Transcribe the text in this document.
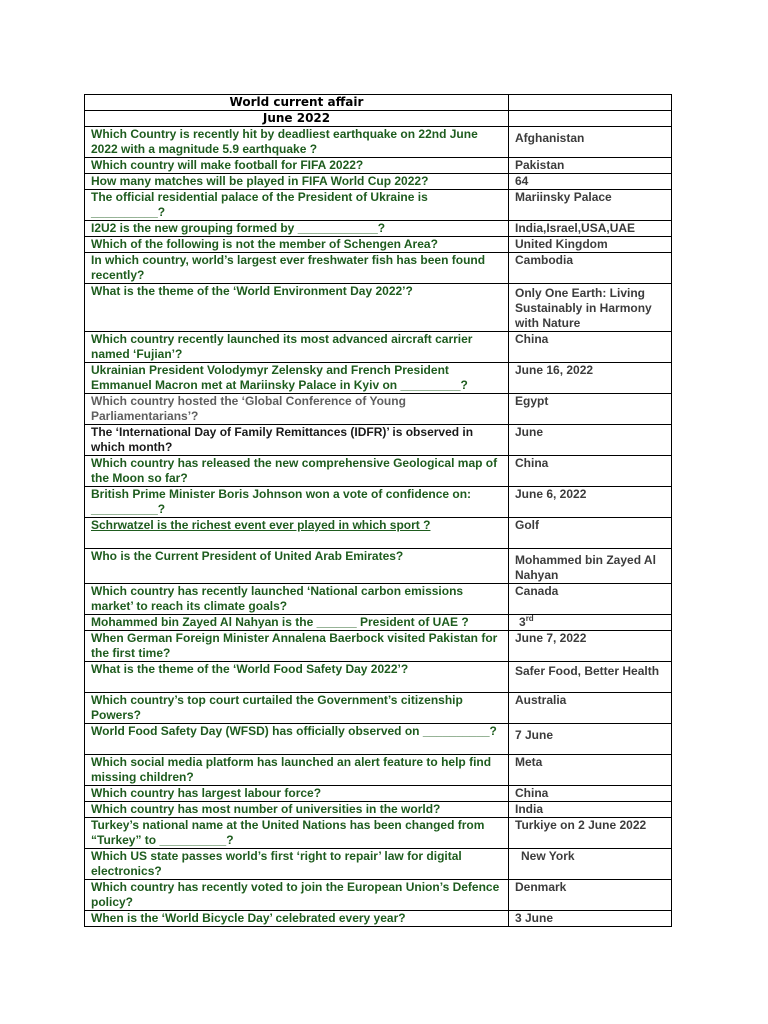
World current affair	
June 2022	
Which Country is recently hit by deadliest earthquake on 22nd June 2022 with a magnitude 5.9 earthquake ?	Afghanistan
Which country will make football for FIFA 2022?	Pakistan
How many matches will be played in FIFA World Cup 2022?	64
The official residential palace of the President of Ukraine is __________?	Mariinsky Palace
I2U2 is the new grouping formed by ____________?	India,Israel,USA,UAE
Which of the following is not the member of Schengen Area?	United Kingdom
In which country, world’s largest ever freshwater fish has been found recently?	Cambodia
What is the theme of the ‘World Environment Day 2022’?	Only One Earth: Living Sustainably in Harmony with Nature
Which country recently launched its most advanced aircraft carrier named ‘Fujian’?	China
Ukrainian President Volodymyr Zelensky and French President Emmanuel Macron met at Mariinsky Palace in Kyiv on _________?	June 16, 2022
Which country hosted the ‘Global Conference of Young Parliamentarians’?	Egypt
The ‘International Day of Family Remittances (IDFR)’ is observed in which month?	June
Which country has released the new comprehensive Geological map of the Moon so far?	China
British Prime Minister Boris Johnson won a vote of confidence on: __________?	June 6, 2022
Schrwatzel is the richest event ever played in which sport ?	Golf
Who is the Current President of United Arab Emirates?	Mohammed bin Zayed Al Nahyan
Which country has recently launched ‘National carbon emissions market’ to reach its climate goals?	Canada
Mohammed bin Zayed Al Nahyan is the ______ President of UAE ?	3rd
When German Foreign Minister Annalena Baerbock visited Pakistan for the first time?	June 7, 2022
What is the theme of the ‘World Food Safety Day 2022’?	Safer Food, Better Health
Which country’s top court curtailed the Government’s citizenship Powers?	Australia
World Food Safety Day (WFSD) has officially observed on __________?	7 June
Which social media platform has launched an alert feature to help find missing children?	Meta
Which country has largest labour force?	China
Which country has most number of universities in the world?	India
Turkey’s national name at the United Nations has been changed from “Turkey” to __________?	Turkiye on 2 June 2022
Which US state passes world’s first ‘right to repair’ law for digital electronics?	New York
Which country has recently voted to join the European Union’s Defence policy?	Denmark
When is the ‘World Bicycle Day’ celebrated every year?	3 June
